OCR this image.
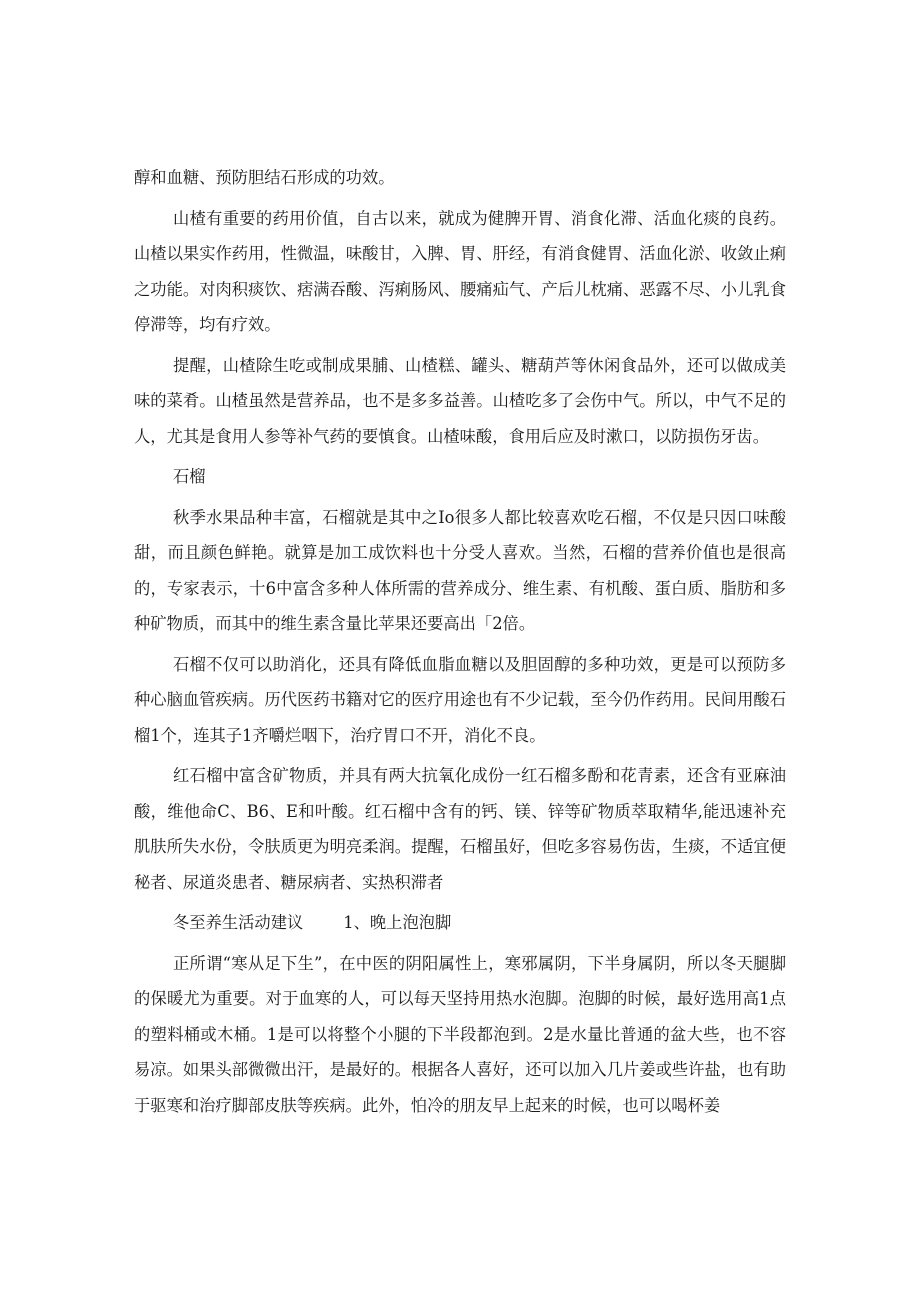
醇和血糖、预防胆结石形成的功效。

山楂有重要的药用价值，自古以来，就成为健脾开胃、消食化滞、活血化痰的良药。山楂以果实作药用，性微温，味酸甘，入脾、胃、肝经，有消食健胃、活血化淤、收敛止痢之功能。对肉积痰饮、痞满吞酸、泻痢肠风、腰痛疝气、产后儿枕痛、恶露不尽、小儿乳食停滞等，均有疗效。

提醒，山楂除生吃或制成果脯、山楂糕、罐头、糖葫芦等休闲食品外，还可以做成美味的菜肴。山楂虽然是营养品，也不是多多益善。山楂吃多了会伤中气。所以，中气不足的人，尤其是食用人参等补气药的要慎食。山楂味酸，食用后应及时漱口，以防损伤牙齿。

石榴

秋季水果品种丰富，石榴就是其中之Io很多人都比较喜欢吃石榴，不仅是只因口味酸甜，而且颜色鲜艳。就算是加工成饮料也十分受人喜欢。当然，石榴的营养价值也是很高的，专家表示，十6中富含多种人体所需的营养成分、维生素、有机酸、蛋白质、脂肪和多种矿物质，而其中的维生素含量比苹果还要高出「2倍。

石榴不仅可以助消化，还具有降低血脂血糖以及胆固醇的多种功效，更是可以预防多种心脑血管疾病。历代医药书籍对它的医疗用途也有不少记载，至今仍作药用。民间用酸石榴1个，连其子1齐嚼烂咽下，治疗胃口不开，消化不良。

红石榴中富含矿物质，并具有两大抗氧化成份一红石榴多酚和花青素，还含有亚麻油酸，维他命C、B6、E和叶酸。红石榴中含有的钙、镁、锌等矿物质萃取精华,能迅速补充肌肤所失水份，令肤质更为明亮柔润。提醒，石榴虽好，但吃多容易伤齿，生痰，不适宜便秘者、尿道炎患者、糖尿病者、实热积滞者

冬至养生活动建议 1、晚上泡泡脚

正所谓“寒从足下生”，在中医的阴阳属性上，寒邪属阴，下半身属阴，所以冬天腿脚的保暖尤为重要。对于血寒的人，可以每天坚持用热水泡脚。泡脚的时候，最好选用高1点的塑料桶或木桶。1是可以将整个小腿的下半段都泡到。2是水量比普通的盆大些，也不容易凉。如果头部微微出汗，是最好的。根据各人喜好，还可以加入几片姜或些许盐，也有助于驱寒和治疗脚部皮肤等疾病。此外，怕冷的朋友早上起来的时候，也可以喝杯姜
